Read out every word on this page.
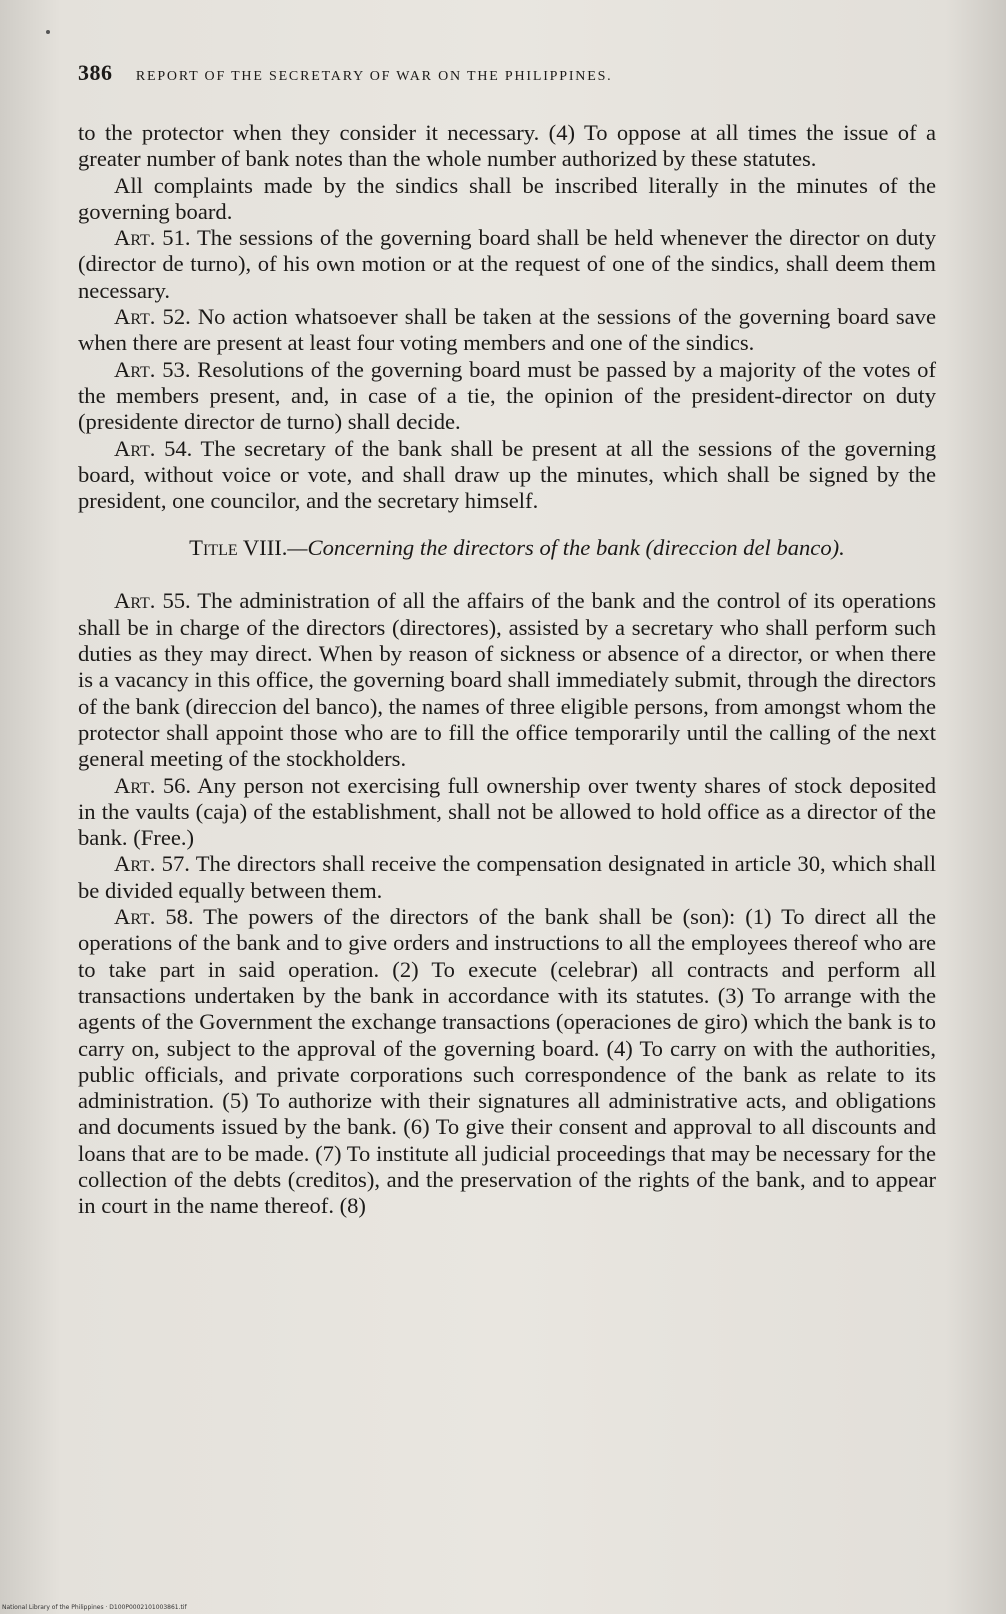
386 REPORT OF THE SECRETARY OF WAR ON THE PHILIPPINES.

to the protector when they consider it necessary. (4) To oppose at all times the issue of a greater number of bank notes than the whole number authorized by these statutes.

All complaints made by the sindics shall be inscribed literally in the minutes of the governing board.

Art. 51. The sessions of the governing board shall be held whenever the director on duty (director de turno), of his own motion or at the request of one of the sindics, shall deem them necessary.

Art. 52. No action whatsoever shall be taken at the sessions of the governing board save when there are present at least four voting members and one of the sindics.

Art. 53. Resolutions of the governing board must be passed by a majority of the votes of the members present, and, in case of a tie, the opinion of the president-director on duty (presidente director de turno) shall decide.

Art. 54. The secretary of the bank shall be present at all the sessions of the governing board, without voice or vote, and shall draw up the minutes, which shall be signed by the president, one councilor, and the secretary himself.

Title VIII.—Concerning the directors of the bank (direccion del banco).

Art. 55. The administration of all the affairs of the bank and the control of its operations shall be in charge of the directors (directores), assisted by a secretary who shall perform such duties as they may direct. When by reason of sickness or absence of a director, or when there is a vacancy in this office, the governing board shall immediately submit, through the directors of the bank (direccion del banco), the names of three eligible persons, from amongst whom the protector shall appoint those who are to fill the office temporarily until the calling of the next general meeting of the stockholders.

Art. 56. Any person not exercising full ownership over twenty shares of stock deposited in the vaults (caja) of the establishment, shall not be allowed to hold office as a director of the bank. (Free.)

Art. 57. The directors shall receive the compensation designated in article 30, which shall be divided equally between them.

Art. 58. The powers of the directors of the bank shall be (son): (1) To direct all the operations of the bank and to give orders and instructions to all the employees thereof who are to take part in said operation. (2) To execute (celebrar) all contracts and perform all transactions undertaken by the bank in accordance with its statutes. (3) To arrange with the agents of the Government the exchange transactions (operaciones de giro) which the bank is to carry on, subject to the approval of the governing board. (4) To carry on with the authorities, public officials, and private corporations such correspondence of the bank as relate to its administration. (5) To authorize with their signatures all administrative acts, and obligations and documents issued by the bank. (6) To give their consent and approval to all discounts and loans that are to be made. (7) To institute all judicial proceedings that may be necessary for the collection of the debts (creditos), and the preservation of the rights of the bank, and to appear in court in the name thereof. (8)

National Library of the Philippines · D100P0002101003861.tif
